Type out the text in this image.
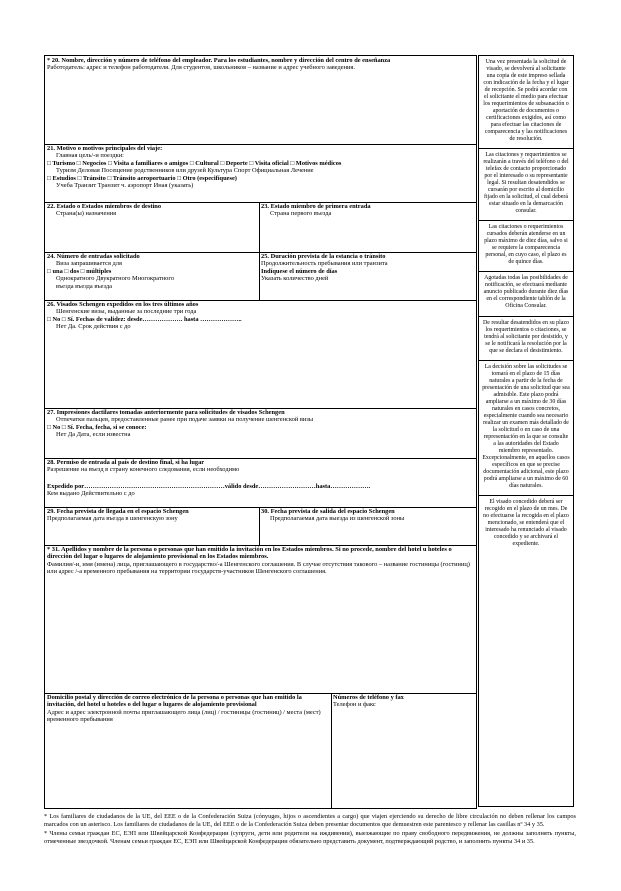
* 20. Nombre, dirección y número de teléfono del empleador. Para los estudiantes, nombre y dirección del centro de enseñanza
Работодатель: адрес и телефон работодателя. Для студентов, школьников – название и адрес учебного заведения.
21. Motivo o motivos principales del viaje:
Главная цель/-и поездки:
□ Turismo □ Negocios □ Visita a familiares o amigos □ Cultural □ Deporte □ Visita oficial □ Motivos médicos
Туризм Деловая Посещение родственников или друзей Культура Спорт Официальная Лечение
□ Estudios □ Tránsito □ Tránsito aeroportuario □ Otro (especifíquese)
Учеба Транзит Транзит ч. аэропорт Иная (указать)
22. Estado o Estados miembros de destino
Страна(ы) назначения
23. Estado miembro de primera entrada
Страна первого въезда
24. Número de entradas solicitado
Виза запрашивается для
□ una □ dos □ múltiples
Однократного Двукратного Многократного
въезда въезда въезда
25. Duración prevista de la estancia o tránsito
Продолжительность пребывания или транзита
Indíquese el número de días
Указать количество дней
26. Visados Schengen expedidos en los tres últimos años
Шенгенские визы, выданные за последние три года
□ No □ Sí. Fechas de validez: desde………………. hasta ………………..
Нет Да. Срок действия с до
27. Impresiones dactilares tomadas anteriormente para solicitudes de visados Schengen
Отпечатки пальцев, предоставленные ранее при подаче заявки на получение шенгенской визы
□ No □ Sí. Fecha, fecha, si se conoce:
Нет Да Дата, если известна
28. Permiso de entrada al país de destino final, si ha lugar
Разрешение на въезд в страну конечного следования, если необходимо
Expedido por…………………………………………………………válido desde………………………hasta……………….
Кем выдано Действительно с до
29. Fecha prevista de llegada en el espacio Schengen
Предполагаемая дата въезда в шенгенскую зону
30. Fecha prevista de salida del espacio Schengen
Предполагаемая дата выезда из шенгенской зоны
* 31. Apellidos y nombre de la persona o personas que han emitido la invitación en los Estados miembros. Si no procede, nombre del hotel u hoteles o dirección del lugar o lugares de alojamiento provisional en los Estados miembros.
Фамилия/-и, имя (имена) лица, приглашающего в государство/-а Шенгенского соглашения. В случае отсутствия такового – название гостиницы (гостиниц) или адрес /-а временного пребывания на территории государств-участников Шенгенского соглашения.
Domicilio postal y dirección de correo electrónico de la persona o personas que han emitido la invitación, del hotel u hoteles o del lugar o lugares de alojamiento provisional
Адрес и адрес электронной почты приглашающего лица (лиц) / гостиницы (гостиниц) / места (мест) временного пребывания
Números de teléfono y fax
Телефон и факс

Una vez presentada la solicitud de visado, se devolverá al solicitante una copia de este impreso sellada con indicación de la fecha y el lugar de recepción. Se podrá acordar con el solicitante el medio para efectuar los requerimientos de subsanación o aportación de documentos o certificaciones exigidos, así como para efectuar las citaciones de comparecencia y las notificaciones de resolución.

Las citaciones y requerimientos se realizarán a través del teléfono o del telefax de contacto proporcionado por el interesado o su representante legal. Si resultan desatendidos se cursarán por escrito al domicilio fijado en la solicitud, el cual deberá estar situado en la demarcación consular.

Las citaciones o requerimientos cursados deberán atenderse en un plazo máximo de diez días, salvo si se requiere la comparecencia personal, en cuyo caso, el plazo es de quince días.

Agotadas todas las posibilidades de notificación, se efectuará mediante anuncio publicado durante diez días en el correspondiente tablón de la Oficina Consular.

De resultar desatendidos en su plazo los requerimientos o citaciones, se tendrá al solicitante por desistido, y se le notificará la resolución por la que se declara el desistimiento.

La decisión sobre las solicitudes se tomará en el plazo de 15 días naturales a partir de la fecha de presentación de una solicitud que sea admisible. Este plazo podrá ampliarse a un máximo de 30 días naturales en casos concretos, especialmente cuando sea necesario realizar un examen más detallado de la solicitud o en caso de una representación en la que se consulte a las autoridades del Estado miembro representado. Excepcionalmente, en aquellos casos específicos en que se precise documentación adicional, este plazo podrá ampliarse a un máximo de 60 días naturales.

El visado concedido deberá ser recogido en el plazo de un mes. De no efectuarse la recogida en el plazo mencionado, se entenderá que el interesado ha renunciado al visado concedido y se archivará el expediente.

* Los familiares de ciudadanos de la UE, del EEE o de la Confederación Suiza (cónyuges, hijos o ascendientes a cargo) que viajen ejerciendo su derecho de libre circulación no deben rellenar los campos marcados con un asterisco. Los familiares de ciudadanos de la UE, del EEE o de la Confederación Suiza deben presentar documentos que demuestren este parentesco y rellenar las casillas nº 34 y 35.

* Члены семьи граждан ЕС, ЕЭП или Швейцарской Конфедерации (супруги, дети или родители на иждивении), выезжающие по праву свободного передвижения, не должны заполнять пункты, отмеченные звездочкой. Членам семьи граждан ЕС, ЕЭП или Швейцарской Конфедерации обязательно представить документ, подтверждающий родство, и заполнить пункты 34 и 35.
